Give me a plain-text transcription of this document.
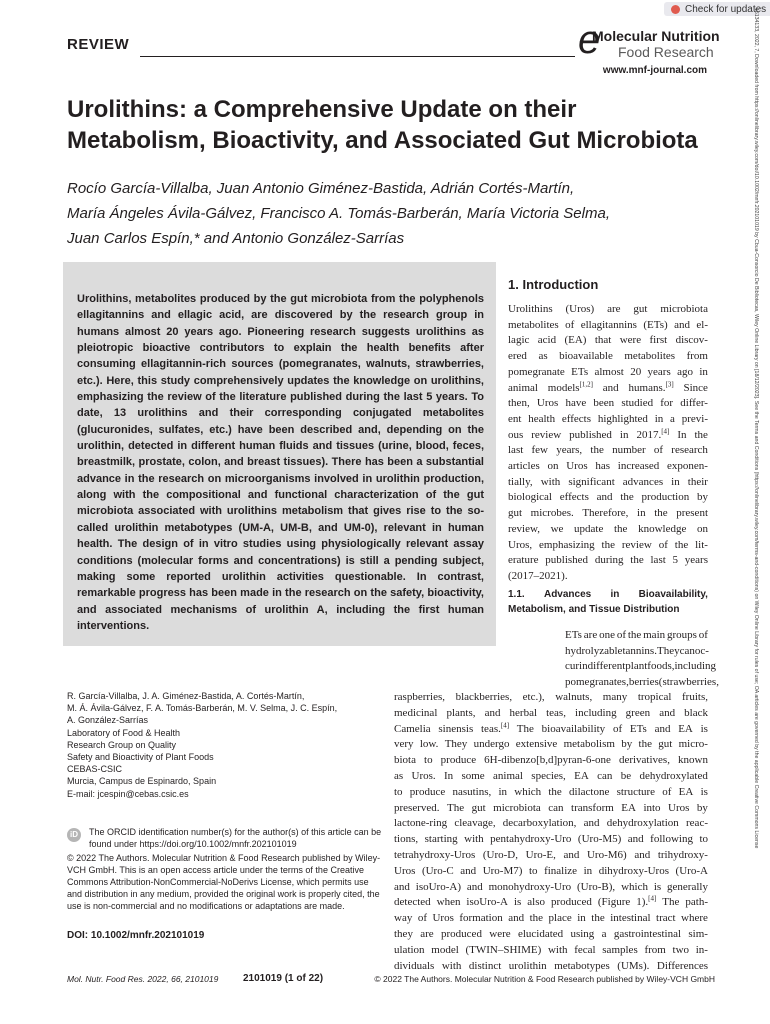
Check for updates
REVIEW	e
Molecular Nutrition
Food Research
www.mnf-journal.com
Urolithins: a Comprehensive Update on their Metabolism, Bioactivity, and Associated Gut Microbiota
Rocío García-Villalba, Juan Antonio Giménez-Bastida, Adrián Cortés-Martín,
María Ángeles Ávila-Gálvez, Francisco A. Tomás-Barberán, María Victoria Selma,
Juan Carlos Espín,* and Antonio González-Sarrías
Urolithins, metabolites produced by the gut microbiota from the polyphenols ellagitannins and ellagic acid, are discovered by the research group in humans almost 20 years ago. Pioneering research suggests urolithins as pleiotropic bioactive contributors to explain the health benefits after consuming ellagitannin-rich sources (pomegranates, walnuts, strawberries, etc.). Here, this study comprehensively updates the knowledge on urolithins, emphasizing the review of the literature published during the last 5 years. To date, 13 urolithins and their corresponding conjugated metabolites (glucuronides, sulfates, etc.) have been described and, depending on the urolithin, detected in different human fluids and tissues (urine, blood, feces, breastmilk, prostate, colon, and breast tissues). There has been a substantial advance in the research on microorganisms involved in urolithin production, along with the compositional and functional characterization of the gut microbiota associated with urolithins metabolism that gives rise to the so-called urolithin metabotypes (UM-A, UM-B, and UM-0), relevant in human health. The design of in vitro studies using physiologically relevant assay conditions (molecular forms and concentrations) is still a pending subject, making some reported urolithin activities questionable. In contrast, remarkable progress has been made in the research on the safety, bioactivity, and associated mechanisms of urolithin A, including the first human interventions.
R. García-Villalba, J. A. Giménez-Bastida, A. Cortés-Martín,
M. Á. Ávila-Gálvez, F. A. Tomás-Barberán, M. V. Selma, J. C. Espín,
A. González-Sarrías
Laboratory of Food & Health
Research Group on Quality
Safety and Bioactivity of Plant Foods
CEBAS-CSIC
Murcia, Campus de Espinardo, Spain
E-mail: jcespin@cebas.csic.es
iD	The ORCID identification number(s) for the author(s) of this article can be found under https://doi.org/10.1002/mnfr.202101019
© 2022 The Authors. Molecular Nutrition & Food Research published by Wiley-VCH GmbH. This is an open access article under the terms of the Creative Commons Attribution-NonCommercial-NoDerivs License, which permits use and distribution in any medium, provided the original work is properly cited, the use is non-commercial and no modifications or adaptations are made.
DOI: 10.1002/mnfr.202101019
1. Introduction
Urolithins (Uros) are gut microbiota
metabolites of ellagitannins (ETs) and el-
lagic acid (EA) that were first discov-
ered as bioavailable metabolites from
pomegranate ETs almost 20 years ago in
animal models[1,2] and humans.[3] Since
then, Uros have been studied for differ-
ent health effects highlighted in a previ-
ous review published in 2017.[4] In the
last few years, the number of research
articles on Uros has increased exponen-
tially, with significant advances in their
biological effects and the production by
gut microbes. Therefore, in the present
review, we update the knowledge on
Uros, emphasizing the review of the lit-
erature published during the last 5 years
(2017–2021).
1.1. Advances in Bioavailability,
Metabolism, and Tissue Distribution
ETs are one of the main groups of
hydrolyzable tannins. They can oc-
cur in different plant foods, including
pomegranates, berries (strawberries,
raspberries, blackberries, etc.), walnuts, many tropical fruits,
medicinal plants, and herbal teas, including green and black
Camelia sinensis teas.[4] The bioavailability of ETs and EA is
very low. They undergo extensive metabolism by the gut micro-
biota to produce 6H-dibenzo[b,d]pyran-6-one derivatives, known
as Uros. In some animal species, EA can be dehydroxylated
to produce nasutins, in which the dilactone structure of EA is
preserved. The gut microbiota can transform EA into Uros by
lactone-ring cleavage, decarboxylation, and dehydroxylation reac-
tions, starting with pentahydroxy-Uro (Uro-M5) and following to
tetrahydroxy-Uros (Uro-D, Uro-E, and Uro-M6) and trihydroxy-
Uros (Uro-C and Uro-M7) to finalize in dihydroxy-Uros (Uro-A
and isoUro-A) and monohydroxy-Uro (Uro-B), which is generally
detected when isoUro-A is also produced (Figure 1).[4] The path-
way of Uros formation and the place in the intestinal tract where
they are produced were elucidated using a gastrointestinal sim-
ulation model (TWIN–SHIME) with fecal samples from two in-
dividuals with distinct urolithin metabotypes (UMs). Differences
Mol. Nutr. Food Res. 2022, 66, 2101019 2101019 (1 of 22)	© 2022 The Authors. Molecular Nutrition & Food Research published by Wiley-VCH GmbH
16134133, 2022, 7, Downloaded from https://onlinelibrary.wiley.com/doi/10.1002/mnfr.202101019 by Cbua-Consorcio De Bibliotecas, Wiley Online Library on [18/12/2023]. See the Terms and Conditions (https://onlinelibrary.wiley.com/terms-and-conditions) on Wiley Online Library for rules of use; OA articles are governed by the applicable Creative Commons License
